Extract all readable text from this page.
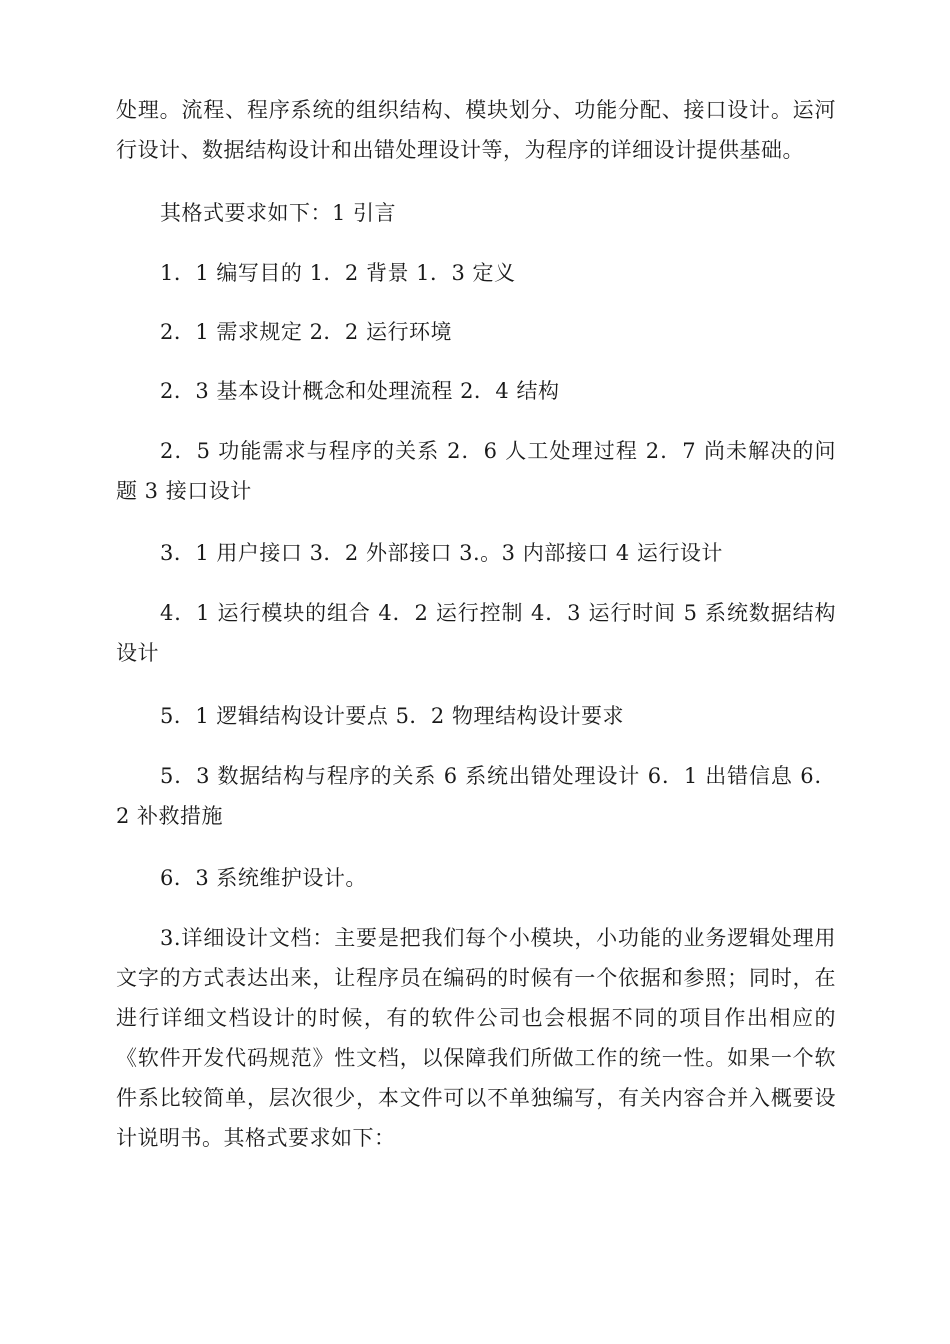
处理。流程、程序系统的组织结构、模块划分、功能分配、接口设计。运河行设计、数据结构设计和出错处理设计等，为程序的详细设计提供基础。

其格式要求如下：1 引言

1．1 编写目的 1．2 背景 1．3 定义

2．1 需求规定 2．2 运行环境

2．3 基本设计概念和处理流程 2．4 结构

2．5 功能需求与程序的关系 2．6 人工处理过程 2．7 尚未解决的问题 3 接口设计

3．1 用户接口 3．2 外部接口 3.。3 内部接口 4 运行设计

4．1 运行模块的组合 4．2 运行控制 4．3 运行时间 5 系统数据结构设计

5．1 逻辑结构设计要点 5．2 物理结构设计要求

5．3 数据结构与程序的关系 6 系统出错处理设计 6．1 出错信息 6．2 补救措施

6．3 系统维护设计。

3.详细设计文档：主要是把我们每个小模块，小功能的业务逻辑处理用文字的方式表达出来，让程序员在编码的时候有一个依据和参照；同时，在进行详细文档设计的时候，有的软件公司也会根据不同的项目作出相应的《软件开发代码规范》性文档，以保障我们所做工作的统一性。如果一个软件系比较简单，层次很少，本文件可以不单独编写，有关内容合并入概要设计说明书。其格式要求如下：
